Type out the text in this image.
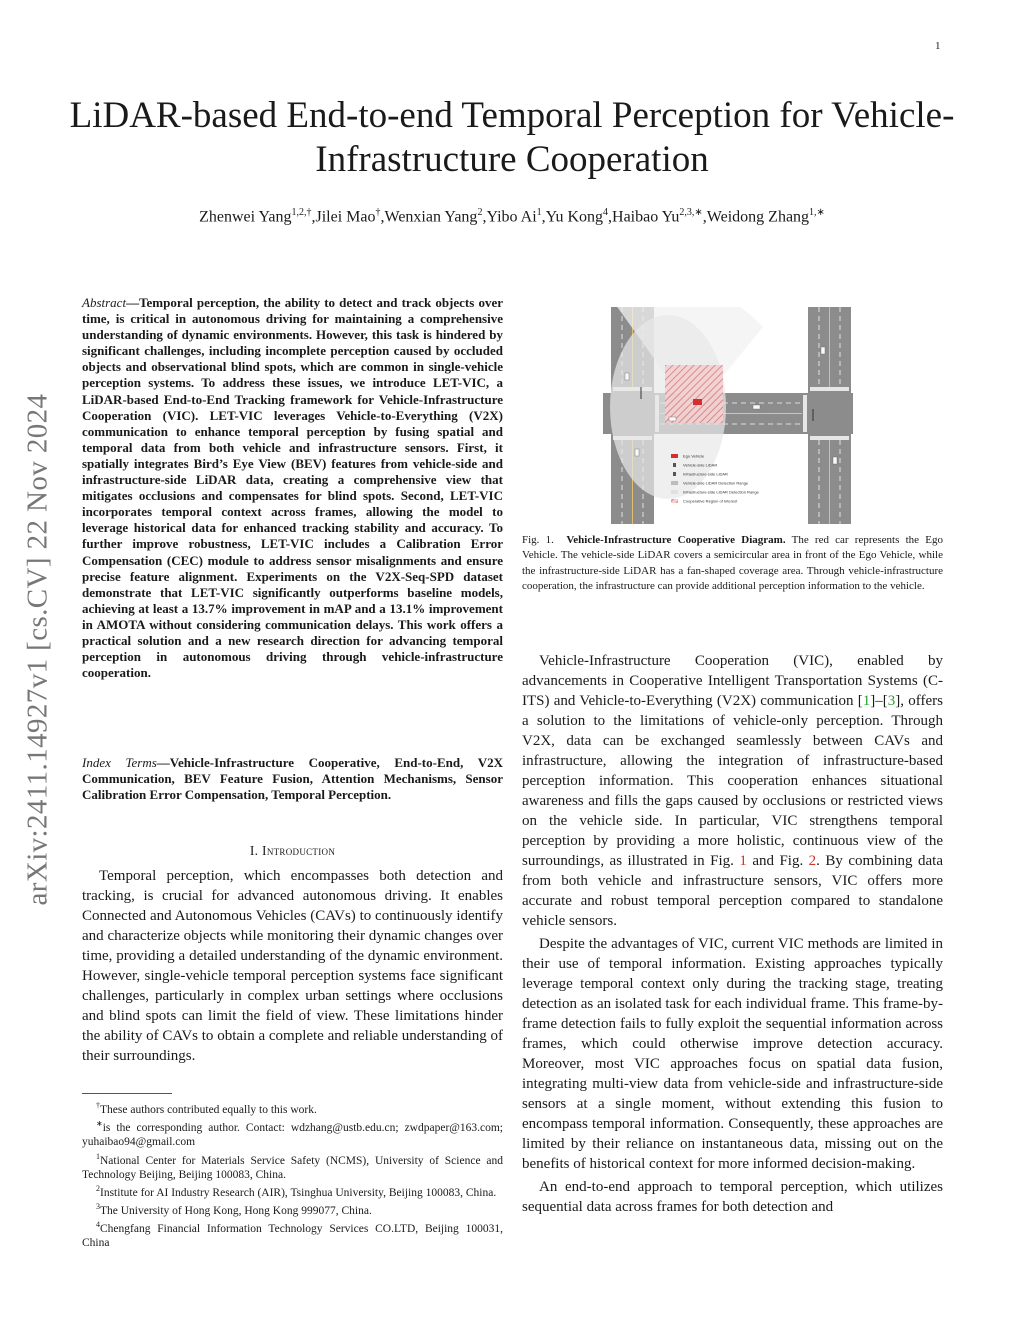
1
LiDAR-based End-to-end Temporal Perception for Vehicle-Infrastructure Cooperation
Zhenwei Yang$^{1,2,\dagger}$,Jilei Mao†,Wenxian Yang$^2$,Yibo Ai$^1$,Yu Kong$^4$,Haibao $Yu^{2,3,∗},Weidong$ Zhang$^{1,∗}$
arXiv:2411.14927v1 [cs.CV] 22 Nov 2024
Abstract—Temporal perception, the ability to detect and track objects over time, is critical in autonomous driving for maintaining a comprehensive understanding of dynamic environments. However, this task is hindered by significant challenges, including incomplete perception caused by occluded objects and observational blind spots, which are common in single-vehicle perception systems. To address these issues, we introduce LET-VIC, a LiDAR-based End-to-End Tracking framework for Vehicle-Infrastructure Cooperation (VIC). LET-VIC leverages Vehicle-to-Everything (V2X) communication to enhance temporal perception by fusing spatial and temporal data from both vehicle and infrastructure sensors. First, it spatially integrates Bird’s Eye View (BEV) features from vehicle-side and infrastructure-side LiDAR data, creating a comprehensive view that mitigates occlusions and compensates for blind spots. Second, LET-VIC incorporates temporal context across frames, allowing the model to leverage historical data for enhanced tracking stability and accuracy. To further improve robustness, LET-VIC includes a Calibration Error Compensation (CEC) module to address sensor misalignments and ensure precise feature alignment. Experiments on the V2X-Seq-SPD dataset demonstrate that LET-VIC significantly outperforms baseline models, achieving at least a 13.7% improvement in mAP and a 13.1% improvement in AMOTA without considering communication delays. This work offers a practical solution and a new research direction for advancing temporal perception in autonomous driving through vehicle-infrastructure cooperation.
Index Terms—Vehicle-Infrastructure Cooperative, End-to-End, V2X Communication, BEV Feature Fusion, Attention Mechanisms, Sensor Calibration Error Compensation, Temporal Perception.
I. Introduction

Temporal perception, which encompasses both detection and tracking, is crucial for advanced autonomous driving. It enables Connected and Autonomous Vehicles (CAVs) to continuously identify and characterize objects while monitoring their dynamic changes over time, providing a detailed understanding of the dynamic environment. However, single-vehicle temporal perception systems face significant challenges, particularly in complex urban settings where occlusions and blind spots can limit the field of view. These limitations hinder the ability of CAVs to obtain a complete and reliable understanding of their surroundings.

†These authors contributed equally to this work.

∗is the corresponding author. Contact: wdzhang@ustb.edu.cn; zwdpaper@163.com; yuhaibao94@gmail.com

$^1$National Center for Materials Service Safety (NCMS), University of Science and Technology Beijing, Beijing 100083, China.

$^2$Institute for AI Industry Research (AIR), Tsinghua University, Beijing 100083, China.

$^3$The University of Hong Kong, Hong Kong 999077, China.

$^4$Chengfang Financial Information Technology Services CO.LTD, Beijing 100031, China

Ego Vehicle
Vehicle-side LiDAR
Infrastructure-side LiDAR
Vehicle-side LiDAR Detection Range
Infrastructure-side LiDAR Detection Range
Cooperative Region of Interest
Fig. 1. Vehicle-Infrastructure Cooperative Diagram. The red car represents the Ego Vehicle. The vehicle-side LiDAR covers a semicircular area in front of the Ego Vehicle, while the infrastructure-side LiDAR has a fan-shaped coverage area. Through vehicle-infrastructure cooperation, the infrastructure can provide additional perception information to the vehicle.

Vehicle-Infrastructure Cooperation (VIC), enabled by advancements in Cooperative Intelligent Transportation Systems (C-ITS) and Vehicle-to-Everything (V2X) communication [1]–[3], offers a solution to the limitations of vehicle-only perception. Through V2X, data can be exchanged seamlessly between CAVs and infrastructure, allowing the integration of infrastructure-based perception information. This cooperation enhances situational awareness and fills the gaps caused by occlusions or restricted views on the vehicle side. In particular, VIC strengthens temporal perception by providing a more holistic, continuous view of the surroundings, as illustrated in Fig. 1 and Fig. 2. By combining data from both vehicle and infrastructure sensors, VIC offers more accurate and robust temporal perception compared to standalone vehicle sensors.

Despite the advantages of VIC, current VIC methods are limited in their use of temporal information. Existing approaches typically leverage temporal context only during the tracking stage, treating detection as an isolated task for each individual frame. This frame-by-frame detection fails to fully exploit the sequential information across frames, which could otherwise improve detection accuracy. Moreover, most VIC approaches focus on spatial data fusion, integrating multi-view data from vehicle-side and infrastructure-side sensors at a single moment, without extending this fusion to encompass temporal information. Consequently, these approaches are limited by their reliance on instantaneous data, missing out on the benefits of historical context for more informed decision-making.

An end-to-end approach to temporal perception, which utilizes sequential data across frames for both detection and
